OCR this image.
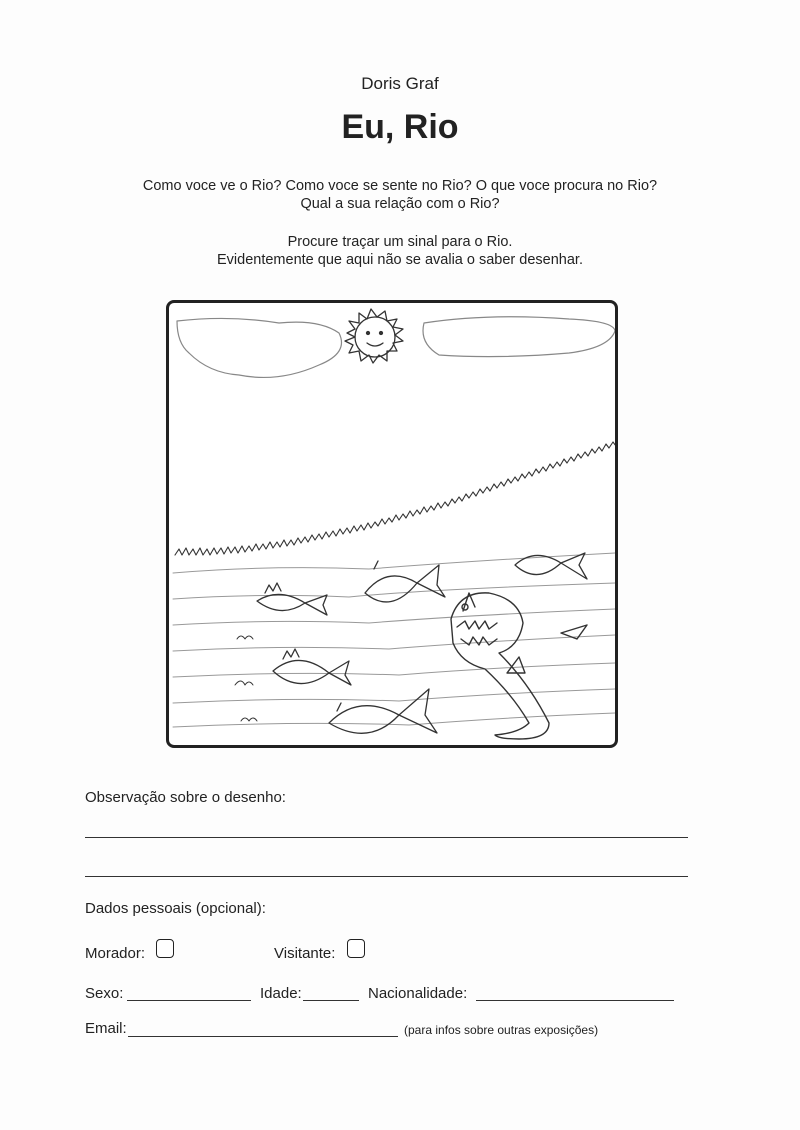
Doris Graf
Eu, Rio
Como voce ve o Rio? Como voce se sente no Rio? O que voce procura no Rio?
Qual a sua relação com o Rio?
Procure traçar um sinal para o Rio.
Evidentemente que aqui não se avalia o saber desenhar.
Observação sobre o desenho:
Dados pessoais (opcional):
Morador:	Visitante:
Sexo:	Idade:	Nacionalidade:
Email:	(para infos sobre outras exposições)
